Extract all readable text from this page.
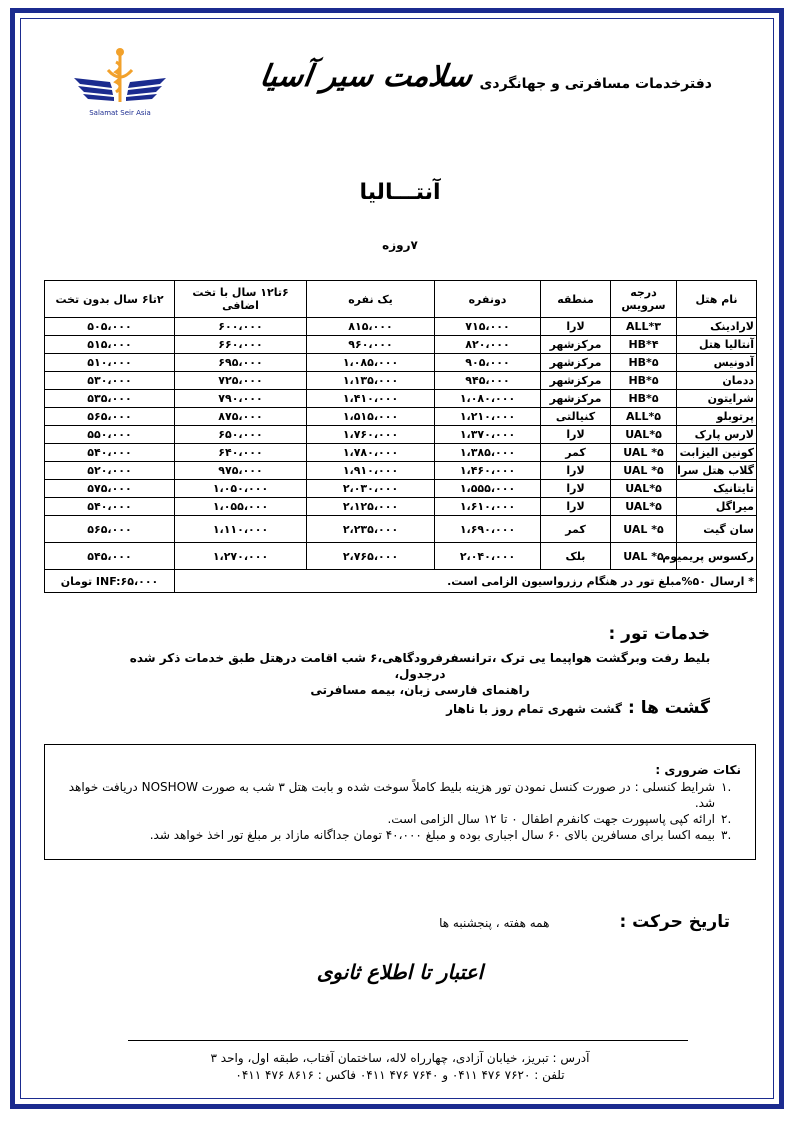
Salamat Seir Asia
دفترخدمات مسافرتی و جهانگردی
سلامت سیر آسیا
آنتـــالیا
۷روزه
نام هتل	درجه سرویس	منطقه	دونفره	یک نفره	۶تا۱۲ سال با تخت اضافی	۲تا۶ سال بدون تخت
لارادینک	۳*ALL	لارا	۷۱۵،۰۰۰	۸۱۵،۰۰۰	۶۰۰،۰۰۰	۵۰۵،۰۰۰
آنتالیا هتل	۴*HB	مرکزشهر	۸۲۰،۰۰۰	۹۶۰،۰۰۰	۶۶۰،۰۰۰	۵۱۵،۰۰۰
آدونیس	۵*HB	مرکزشهر	۹۰۵،۰۰۰	۱،۰۸۵،۰۰۰	۶۹۵،۰۰۰	۵۱۰،۰۰۰
ددمان	۵*HB	مرکزشهر	۹۴۵،۰۰۰	۱،۱۳۵،۰۰۰	۷۲۵،۰۰۰	۵۳۰،۰۰۰
شرایتون	۵*HB	مرکزشهر	۱،۰۸۰،۰۰۰	۱،۴۱۰،۰۰۰	۷۹۰،۰۰۰	۵۳۵،۰۰۰
پرتوبلو	۵*ALL	کنیالتی	۱،۲۱۰،۰۰۰	۱،۵۱۵،۰۰۰	۸۷۵،۰۰۰	۵۶۵،۰۰۰
لارس پارک	۵*UAL	لارا	۱،۳۷۰،۰۰۰	۱،۷۶۰،۰۰۰	۶۵۰،۰۰۰	۵۵۰،۰۰۰
کونین الیزابت	۵* UAL	کمر	۱،۳۸۵،۰۰۰	۱،۷۸۰،۰۰۰	۶۴۰،۰۰۰	۵۴۰،۰۰۰
گلاب هتل سرا	۵* UAL	لارا	۱،۴۶۰،۰۰۰	۱،۹۱۰،۰۰۰	۹۷۵،۰۰۰	۵۲۰،۰۰۰
تایتانیک	۵*UAL	لارا	۱،۵۵۵،۰۰۰	۲،۰۳۰،۰۰۰	۱،۰۵۰،۰۰۰	۵۷۵،۰۰۰
میراگل	۵*UAL	لارا	۱،۶۱۰،۰۰۰	۲،۱۲۵،۰۰۰	۱،۰۵۵،۰۰۰	۵۴۰،۰۰۰
سان گیت	۵* UAL	کمر	۱،۶۹۰،۰۰۰	۲،۲۳۵،۰۰۰	۱،۱۱۰،۰۰۰	۵۶۵،۰۰۰
رکسوس پریمیوم	۵* UAL	بلک	۲،۰۴۰،۰۰۰	۲،۷۶۵،۰۰۰	۱،۲۷۰،۰۰۰	۵۴۵،۰۰۰
* ارسال ۵۰%مبلغ تور در هنگام رزرواسیون الزامی است.						INF:۶۵،۰۰۰ تومان
خدمات تور :
بلیط رفت وبرگشت هواپیما یی ترک ،ترانسفرفرودگاهی،۶ شب اقامت درهتل طبق خدمات ذکر شده درجدول،
راهنمای فارسی زبان، بیمه مسافرتی
گشت ها :
گشت شهری تمام روز با ناهار
نکات ضروری :
.۱
شرایط کنسلی : در صورت کنسل نمودن تور هزینه بلیط کاملاً سوخت شده و بابت هتل ۳ شب به صورت NOSHOW دریافت خواهد شد.
.۲
ارائه کپی پاسپورت جهت کانفرم اطفال ۰ تا ۱۲ سال الزامی است.
.۳
بیمه اکسا برای مسافرین بالای ۶۰ سال اجباری بوده و مبلغ ۴۰،۰۰۰ تومان جداگانه مازاد بر مبلغ تور اخذ خواهد شد.
تاریخ حرکت :
همه هفته ، پنجشنبه ها
اعتبار تا اطلاع ثانوی
آدرس : تبریز، خیابان آزادی، چهارراه لاله، ساختمان آفتاب، طبقه اول، واحد ۳
تلفن : ۷۶۲۰ ۴۷۶ ۰۴۱۱ و ۷۶۴۰ ۴۷۶ ۰۴۱۱ فاکس : ۸۶۱۶ ۴۷۶ ۰۴۱۱
